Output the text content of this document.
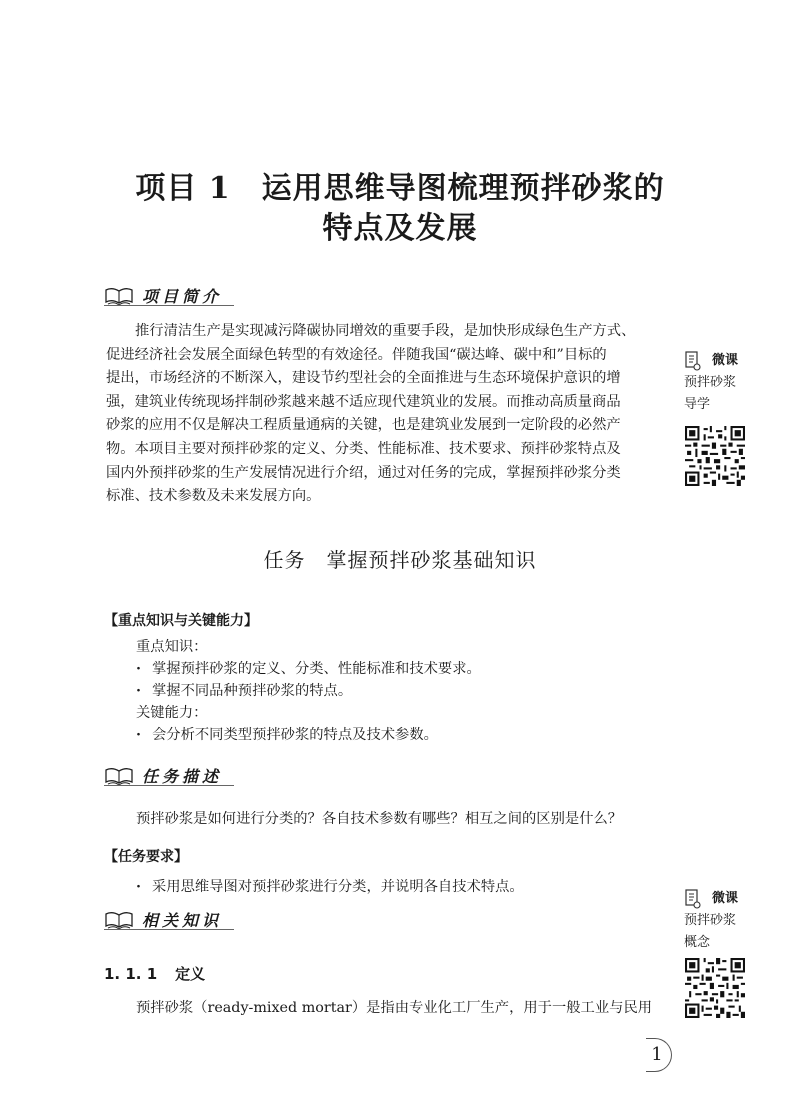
项目 1　运用思维导图梳理预拌砂浆的
特点及发展
项目简介
推行清洁生产是实现减污降碳协同增效的重要手段，是加快形成绿色生产方式、
促进经济社会发展全面绿色转型的有效途径。伴随我国“碳达峰、碳中和”目标的
提出，市场经济的不断深入，建设节约型社会的全面推进与生态环境保护意识的增
强，建筑业传统现场拌制砂浆越来越不适应现代建筑业的发展。而推动高质量商品
砂浆的应用不仅是解决工程质量通病的关键，也是建筑业发展到一定阶段的必然产
物。本项目主要对预拌砂浆的定义、分类、性能标准、技术要求、预拌砂浆特点及
国内外预拌砂浆的生产发展情况进行介绍，通过对任务的完成，掌握预拌砂浆分类
标准、技术参数及未来发展方向。
微课
预拌砂浆
导学
任务　掌握预拌砂浆基础知识
【重点知识与关键能力】
重点知识：
· 掌握预拌砂浆的定义、分类、性能标准和技术要求。
· 掌握不同品种预拌砂浆的特点。
关键能力：
· 会分析不同类型预拌砂浆的特点及技术参数。
任务描述
预拌砂浆是如何进行分类的？各自技术参数有哪些？相互之间的区别是什么？
【任务要求】
· 采用思维导图对预拌砂浆进行分类，并说明各自技术特点。
相关知识
微课
预拌砂浆
概念
1. 1. 1 定义
预拌砂浆（ready-mixed mortar）是指由专业化工厂生产，用于一般工业与民用
1
